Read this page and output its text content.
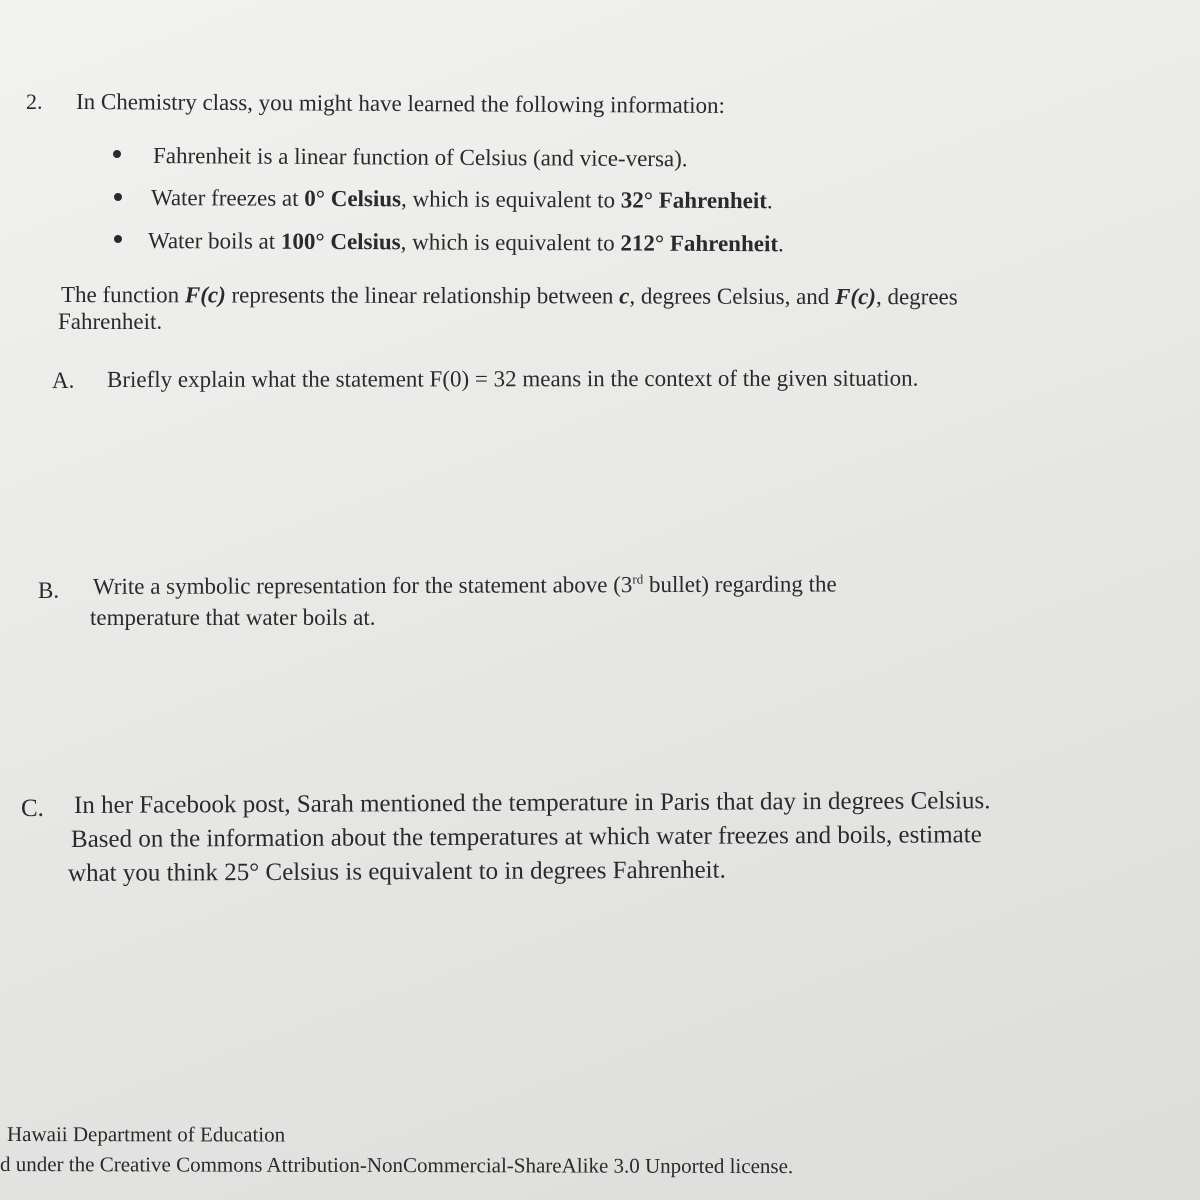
2. In Chemistry class, you might have learned the following information:
Fahrenheit is a linear function of Celsius (and vice-versa).
Water freezes at 0° Celsius, which is equivalent to 32° Fahrenheit.
Water boils at 100° Celsius, which is equivalent to 212° Fahrenheit.
The function F(c) represents the linear relationship between c, degrees Celsius, and F(c), degrees
Fahrenheit.
A. Briefly explain what the statement F(0) = 32 means in the context of the given situation.
B. Write a symbolic representation for the statement above (3rd bullet) regarding the
temperature that water boils at.
C. In her Facebook post, Sarah mentioned the temperature in Paris that day in degrees Celsius.
Based on the information about the temperatures at which water freezes and boils, estimate
what you think 25° Celsius is equivalent to in degrees Fahrenheit.
Hawaii Department of Education
d under the Creative Commons Attribution-NonCommercial-ShareAlike 3.0 Unported license.
